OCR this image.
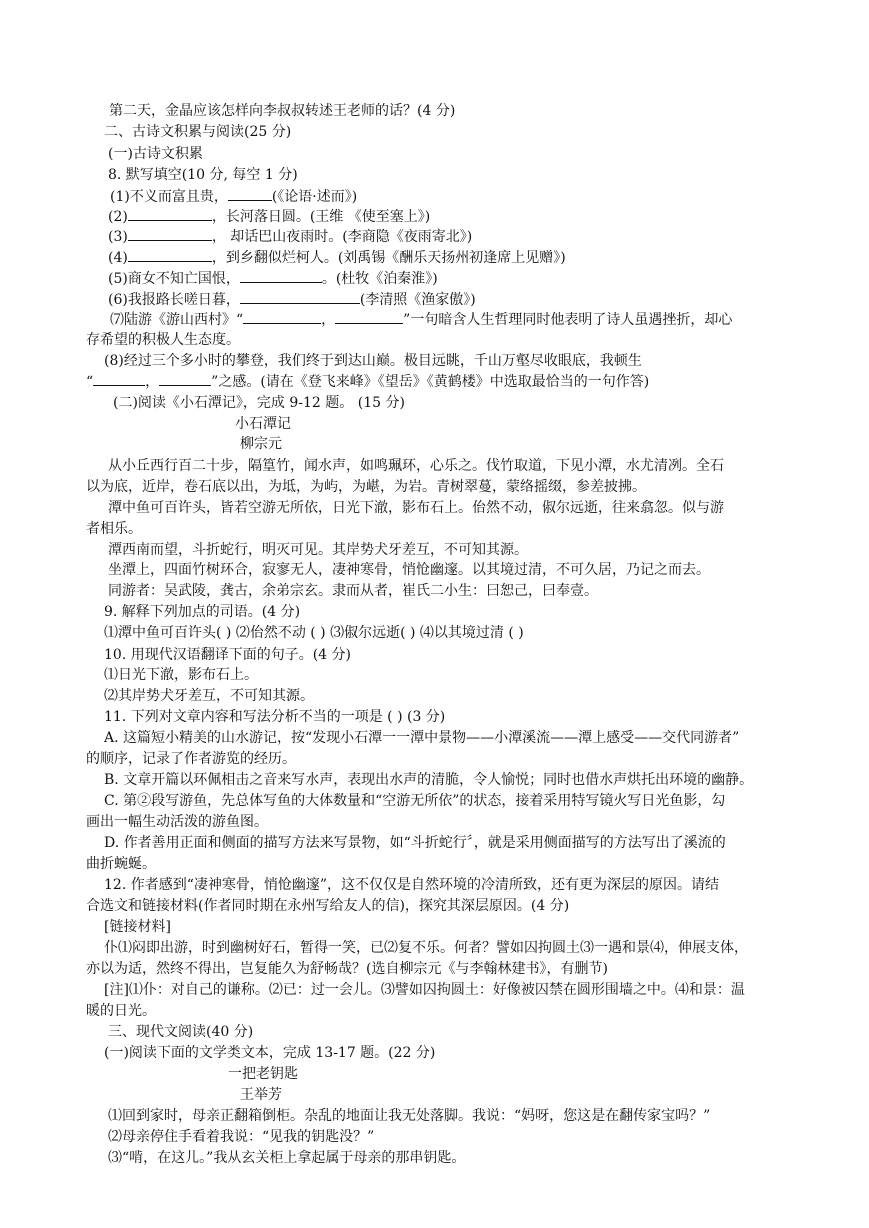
第二天，金晶应该怎样向李叔叔转述王老师的话？(4 分)
二、古诗文积累与阅读(25 分)
(一)古诗文积累
8. 默写填空(10 分, 每空 1 分)
(1)不义而富且贵，	(《论语·述而》)
(2)	，长河落日圆。(王维 《使至塞上》)
(3)	， 却话巴山夜雨时。(李商隐《夜雨寄北》)
(4)	，到乡翻似烂柯人。(刘禹锡《酬乐天扬州初逢席上见赠》)
(5)商女不知亡国恨，	。(杜牧《泊秦淮》)
(6)我报路长嗟日暮，	(李清照《渔家傲》)
⑺陆游《游山西村》“	，	”一句暗含人生哲理同时他表明了诗人虽遇挫折，却心
存希望的积极人生态度。
(8)经过三个多小时的攀登，我们终于到达山巅。极目远眺，千山万壑尽收眼底，我顿生
“	，	”之感。(请在《登飞来峰》《望岳》《黄鹤楼》中选取最恰当的一句作答)
(二)阅读《小石潭记》，完成 9-12 题。 (15 分)
小石潭记
柳宗元
从小丘西行百二十步，隔篁竹，闻水声，如鸣珮环，心乐之。伐竹取道，下见小潭，水尤清冽。全石
以为底，近岸，卷石底以出，为坻，为屿，为嵁，为岩。青树翠蔓，蒙络摇缀，参差披拂。
潭中鱼可百许头，皆若空游无所依，日光下澈，影布石上。佁然不动，俶尔远逝，往来翕忽。似与游
者相乐。
潭西南而望，斗折蛇行，明灭可见。其岸势犬牙差互，不可知其源。
坐潭上，四面竹树环合，寂寥无人，凄神寒骨，悄怆幽邃。以其境过清，不可久居，乃记之而去。
同游者：吴武陵，龚古，余弟宗玄。隶而从者，崔氏二小生：曰恕己，曰奉壹。
9. 解释下列加点的司语。(4 分)
⑴潭中鱼可百许头( ) ⑵佁然不动 ( ) ⑶俶尔远逝( ) ⑷以其境过清 ( )
10. 用现代汉语翻译下面的句子。(4 分)
⑴日光下澈，影布石上。
⑵其岸势犬牙差互，不可知其源。
11. 下列对文章内容和写法分析不当的一项是 ( ) (3 分)
A. 这篇短小精美的山水游记，按“发现小石潭一一潭中景物——小潭溪流——潭上感受——交代同游者”
的顺序，记录了作者游览的经历。
B. 文章开篇以环佩相击之音来写水声，表现出水声的清脆，令人愉悦；同时也借水声烘托出环境的幽静。
C. 第②段写游鱼，先总体写鱼的大体数量和“空游无所依”的状态，接着采用特写镜火写日光鱼影，勾
画出一幅生动活泼的游鱼图。
D. 作者善用正面和侧面的描写方法来写景物，如“斗折蛇行〞，就是采用侧面描写的方法写出了溪流的
曲折蜿蜒。
12. 作者感到“凄神寒骨，悄怆幽邃”，这不仅仅是自然环境的冷清所致，还有更为深层的原因。请结
合选文和链接材料(作者同时期在永州写给友人的信)，探究其深层原因。(4 分)
[链接材料]
仆⑴闷即出游，时到幽树好石，暂得一笑，已⑵复不乐。何者？譬如囚拘圆土⑶一遇和景⑷，伸展支体，
亦以为适，然终不得出，岂复能久为舒畅哉？(选自柳宗元《与李翰林建书》，有删节)
[注]⑴仆：对自己的谦称。⑵已：过一会儿。⑶譬如囚拘圆土：好像被囚禁在圆形围墙之中。⑷和景：温
暖的日光。
三、现代文阅读(40 分)
(一)阅读下面的文学类文本，完成 13-17 题。(22 分)
一把老钥匙
王举芳
⑴回到家时，母亲正翻箱倒柜。杂乱的地面让我无处落脚。我说：“妈呀，您这是在翻传家宝吗？”
⑵母亲停住手看着我说：“见我的钥匙没？”
⑶“啃，在这儿。”我从玄关柜上拿起属于母亲的那串钥匙。
